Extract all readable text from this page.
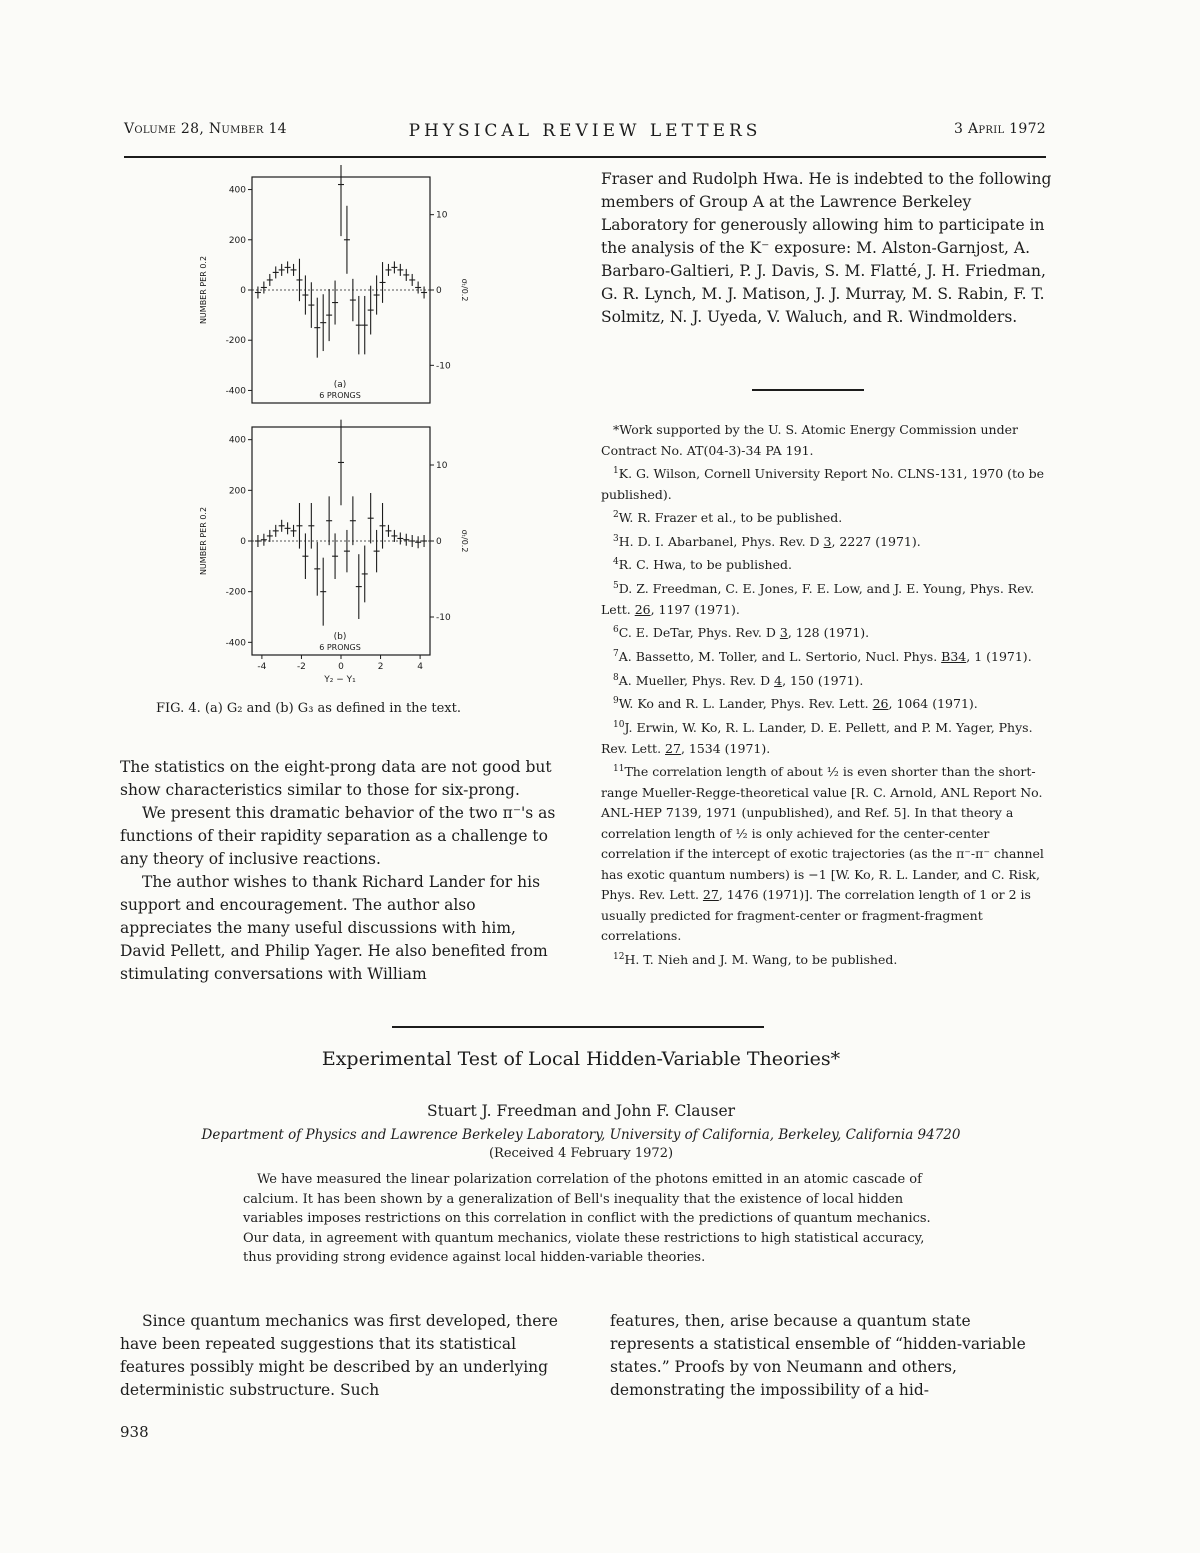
Volume 28, Number 14	PHYSICAL REVIEW LETTERS	3 April 1972
400
200
0
-200
-400
10
0
-10
NUMBER PER 0.2	σₜ/0.2
(a)
6 PRONGS
400
200
0
-200
-400
10
0
-10
NUMBER PER 0.2	σₜ/0.2
(b)
6 PRONGS
-4	-2	0	2	4
Y₂ − Y₁
FIG. 4. (a) G₂ and (b) G₃ as defined in the text.

The statistics on the eight-prong data are not good but show characteristics similar to those for six-prong.

We present this dramatic behavior of the two π⁻'s as functions of their rapidity separation as a challenge to any theory of inclusive reactions.

The author wishes to thank Richard Lander for his support and encouragement. The author also appreciates the many useful discussions with him, David Pellett, and Philip Yager. He also benefited from stimulating conversations with William

Fraser and Rudolph Hwa. He is indebted to the following members of Group A at the Lawrence Berkeley Laboratory for generously allowing him to participate in the analysis of the K⁻ exposure: M. Alston-Garnjost, A. Barbaro-Galtieri, P. J. Davis, S. M. Flatté, J. H. Friedman, G. R. Lynch, M. J. Matison, J. J. Murray, M. S. Rabin, F. T. Solmitz, N. J. Uyeda, V. Waluch, and R. Windmolders.

*Work supported by the U. S. Atomic Energy Commission under Contract No. AT(04-3)-34 PA 191.
$^1$K. G. Wilson, Cornell University Report No. CLNS-131, 1970 (to be published).
$^2$W. R. Frazer et al., to be published.
$^3$H. D. I. Abarbanel, Phys. Rev. D 3, 2227 (1971).
$^4$R. C. Hwa, to be published.
$^5$D. Z. Freedman, C. E. Jones, F. E. Low, and J. E. Young, Phys. Rev. Lett. 26, 1197 (1971).
$^6$C. E. DeTar, Phys. Rev. D 3, 128 (1971).
$^7$A. Bassetto, M. Toller, and L. Sertorio, Nucl. Phys. B34, 1 (1971).
$^8$A. Mueller, Phys. Rev. D 4, 150 (1971).
$^9$W. Ko and R. L. Lander, Phys. Rev. Lett. 26, 1064 (1971).
$^{10}$J. Erwin, W. Ko, R. L. Lander, D. E. Pellett, and P. M. Yager, Phys. Rev. Lett. 27, 1534 (1971).
$^{11}$The correlation length of about ½ is even shorter than the short-range Mueller-Regge-theoretical value [R. C. Arnold, ANL Report No. ANL-HEP 7139, 1971 (unpublished), and Ref. 5]. In that theory a correlation length of ½ is only achieved for the center-center correlation if the intercept of exotic trajectories (as the π⁻-π⁻ channel has exotic quantum numbers) is −1 [W. Ko, R. L. Lander, and C. Risk, Phys. Rev. Lett. 27, 1476 (1971)]. The correlation length of 1 or 2 is usually predicted for fragment-center or fragment-fragment correlations.
$^{12}$H. T. Nieh and J. M. Wang, to be published.
Experimental Test of Local Hidden-Variable Theories*
Stuart J. Freedman and John F. Clauser
Department of Physics and Lawrence Berkeley Laboratory, University of California, Berkeley, California 94720
(Received 4 February 1972)

We have measured the linear polarization correlation of the photons emitted in an atomic cascade of calcium. It has been shown by a generalization of Bell's inequality that the existence of local hidden variables imposes restrictions on this correlation in conflict with the predictions of quantum mechanics. Our data, in agreement with quantum mechanics, violate these restrictions to high statistical accuracy, thus providing strong evidence against local hidden-variable theories.

Since quantum mechanics was first developed, there have been repeated suggestions that its statistical features possibly might be described by an underlying deterministic substructure. Such

features, then, arise because a quantum state represents a statistical ensemble of “hidden-variable states.” Proofs by von Neumann and others, demonstrating the impossibility of a hid-

938
